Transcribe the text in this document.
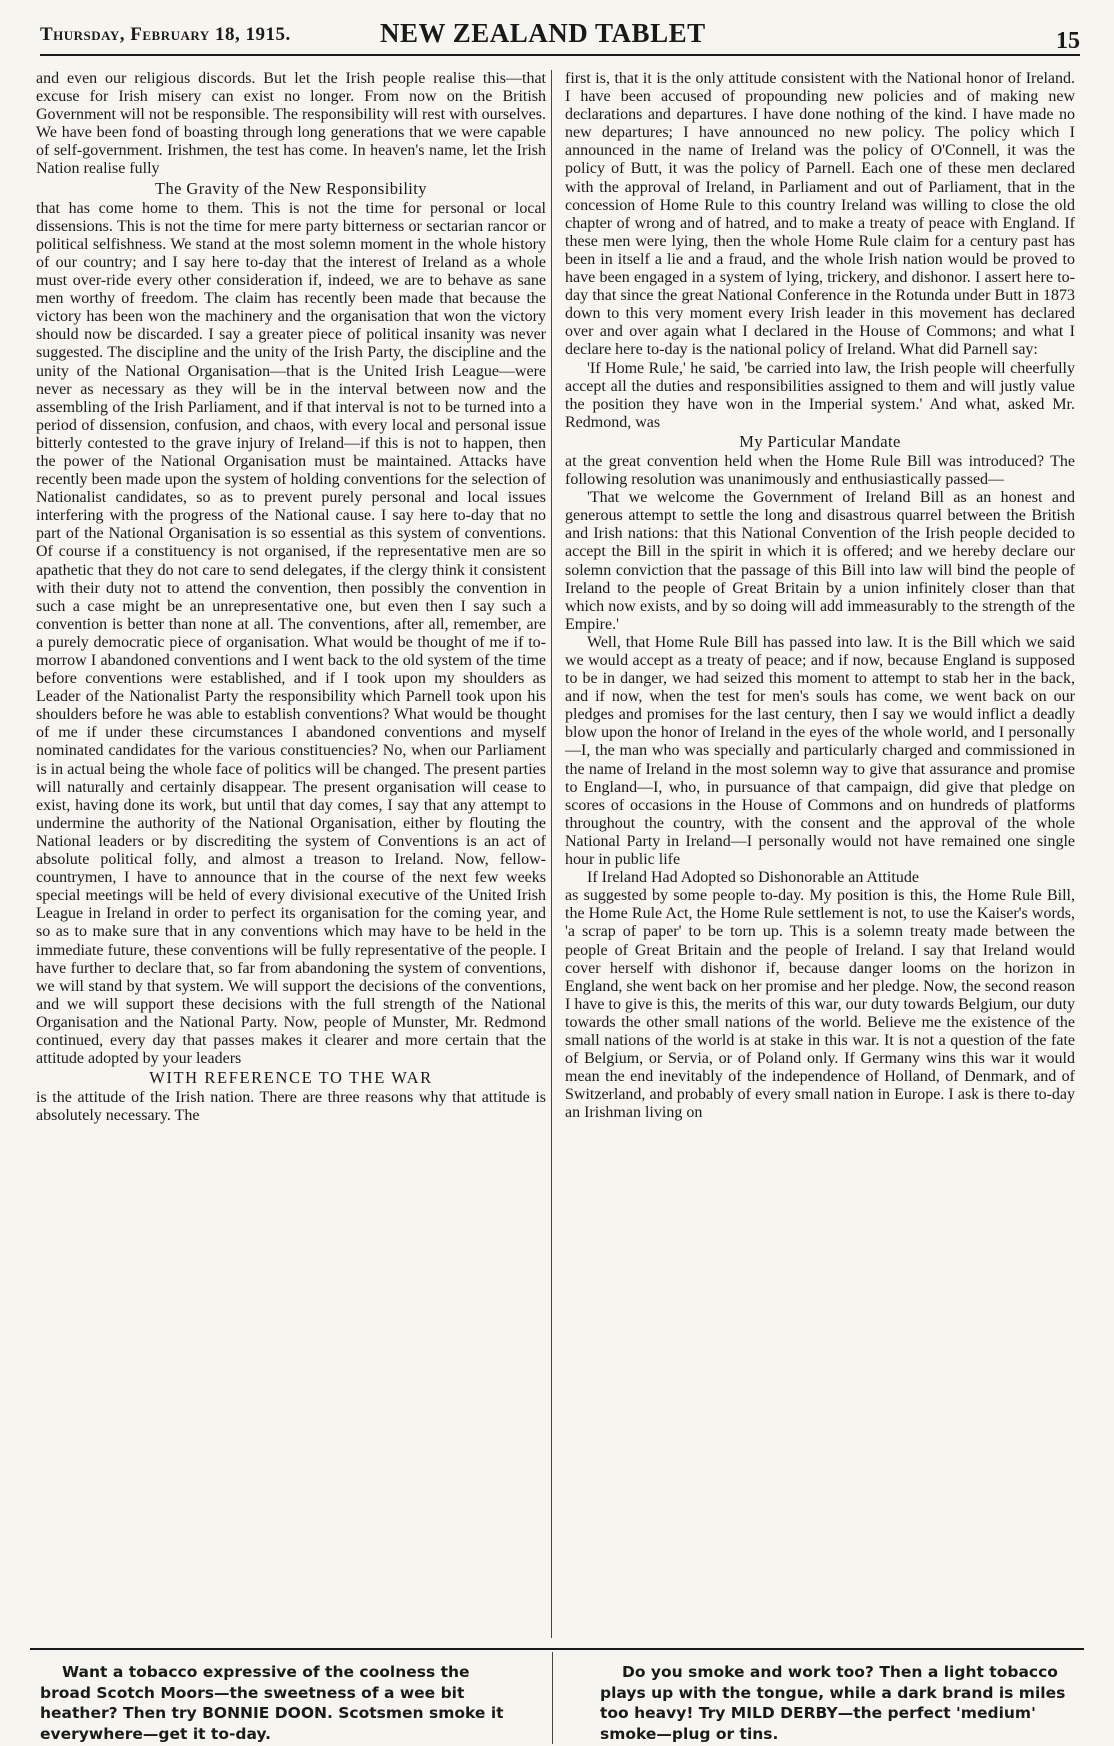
Thursday, February 18, 1915.	NEW ZEALAND TABLET	15

and even our religious discords. But let the Irish people realise this—that excuse for Irish misery can exist no longer. From now on the British Government will not be responsible. The responsibility will rest with ourselves. We have been fond of boasting through long generations that we were capable of self-government. Irishmen, the test has come. In heaven's name, let the Irish Nation realise fully

The Gravity of the New Responsibility

that has come home to them. This is not the time for personal or local dissensions. This is not the time for mere party bitterness or sectarian rancor or political selfishness. We stand at the most solemn moment in the whole history of our country; and I say here to-day that the interest of Ireland as a whole must over-ride every other consideration if, indeed, we are to behave as sane men worthy of freedom. The claim has recently been made that because the victory has been won the machinery and the organisation that won the victory should now be discarded. I say a greater piece of political insanity was never suggested. The discipline and the unity of the Irish Party, the discipline and the unity of the National Organisation—that is the United Irish League—were never as necessary as they will be in the interval between now and the assembling of the Irish Parliament, and if that interval is not to be turned into a period of dissension, confusion, and chaos, with every local and personal issue bitterly contested to the grave injury of Ireland—if this is not to happen, then the power of the National Organisation must be maintained. Attacks have recently been made upon the system of holding conventions for the selection of Nationalist candidates, so as to prevent purely personal and local issues interfering with the progress of the National cause. I say here to-day that no part of the National Organisation is so essential as this system of conventions. Of course if a constituency is not organised, if the representative men are so apathetic that they do not care to send delegates, if the clergy think it consistent with their duty not to attend the convention, then possibly the convention in such a case might be an unrepresentative one, but even then I say such a convention is better than none at all. The conventions, after all, remember, are a purely democratic piece of organisation. What would be thought of me if to-morrow I abandoned conventions and I went back to the old system of the time before conventions were established, and if I took upon my shoulders as Leader of the Nationalist Party the responsibility which Parnell took upon his shoulders before he was able to establish conventions? What would be thought of me if under these circumstances I abandoned conventions and myself nominated candidates for the various constituencies? No, when our Parliament is in actual being the whole face of politics will be changed. The present parties will naturally and certainly disappear. The present organisation will cease to exist, having done its work, but until that day comes, I say that any attempt to undermine the authority of the National Organisation, either by flouting the National leaders or by discrediting the system of Conventions is an act of absolute political folly, and almost a treason to Ireland. Now, fellow-countrymen, I have to announce that in the course of the next few weeks special meetings will be held of every divisional executive of the United Irish League in Ireland in order to perfect its organisation for the coming year, and so as to make sure that in any conventions which may have to be held in the immediate future, these conventions will be fully representative of the people. I have further to declare that, so far from abandoning the system of conventions, we will stand by that system. We will support the decisions of the conventions, and we will support these decisions with the full strength of the National Organisation and the National Party. Now, people of Munster, Mr. Redmond continued, every day that passes makes it clearer and more certain that the attitude adopted by your leaders

WITH REFERENCE TO THE WAR

is the attitude of the Irish nation. There are three reasons why that attitude is absolutely necessary. The

first is, that it is the only attitude consistent with the National honor of Ireland. I have been accused of propounding new policies and of making new declarations and departures. I have done nothing of the kind. I have made no new departures; I have announced no new policy. The policy which I announced in the name of Ireland was the policy of O'Connell, it was the policy of Butt, it was the policy of Parnell. Each one of these men declared with the approval of Ireland, in Parliament and out of Parliament, that in the concession of Home Rule to this country Ireland was willing to close the old chapter of wrong and of hatred, and to make a treaty of peace with England. If these men were lying, then the whole Home Rule claim for a century past has been in itself a lie and a fraud, and the whole Irish nation would be proved to have been engaged in a system of lying, trickery, and dishonor. I assert here to-day that since the great National Conference in the Rotunda under Butt in 1873 down to this very moment every Irish leader in this movement has declared over and over again what I declared in the House of Commons; and what I declare here to-day is the national policy of Ireland. What did Parnell say:

'If Home Rule,' he said, 'be carried into law, the Irish people will cheerfully accept all the duties and responsibilities assigned to them and will justly value the position they have won in the Imperial system.' And what, asked Mr. Redmond, was

My Particular Mandate

at the great convention held when the Home Rule Bill was introduced? The following resolution was unanimously and enthusiastically passed—

'That we welcome the Government of Ireland Bill as an honest and generous attempt to settle the long and disastrous quarrel between the British and Irish nations: that this National Convention of the Irish people decided to accept the Bill in the spirit in which it is offered; and we hereby declare our solemn conviction that the passage of this Bill into law will bind the people of Ireland to the people of Great Britain by a union infinitely closer than that which now exists, and by so doing will add immeasurably to the strength of the Empire.'

Well, that Home Rule Bill has passed into law. It is the Bill which we said we would accept as a treaty of peace; and if now, because England is supposed to be in danger, we had seized this moment to attempt to stab her in the back, and if now, when the test for men's souls has come, we went back on our pledges and promises for the last century, then I say we would inflict a deadly blow upon the honor of Ireland in the eyes of the whole world, and I personally—I, the man who was specially and particularly charged and commissioned in the name of Ireland in the most solemn way to give that assurance and promise to England—I, who, in pursuance of that campaign, did give that pledge on scores of occasions in the House of Commons and on hundreds of platforms throughout the country, with the consent and the approval of the whole National Party in Ireland—I personally would not have remained one single hour in public life

If Ireland Had Adopted so Dishonorable an Attitude

as suggested by some people to-day. My position is this, the Home Rule Bill, the Home Rule Act, the Home Rule settlement is not, to use the Kaiser's words, 'a scrap of paper' to be torn up. This is a solemn treaty made between the people of Great Britain and the people of Ireland. I say that Ireland would cover herself with dishonor if, because danger looms on the horizon in England, she went back on her promise and her pledge. Now, the second reason I have to give is this, the merits of this war, our duty towards Belgium, our duty towards the other small nations of the world. Believe me the existence of the small nations of the world is at stake in this war. It is not a question of the fate of Belgium, or Servia, or of Poland only. If Germany wins this war it would mean the end inevitably of the independence of Holland, of Denmark, and of Switzerland, and probably of every small nation in Europe. I ask is there to-day an Irishman living on

Want a tobacco expressive of the coolness the broad Scotch Moors—the sweetness of a wee bit heather? Then try BONNIE DOON. Scotsmen smoke it everywhere—get it to-day.
Do you smoke and work too? Then a light tobacco plays up with the tongue, while a dark brand is miles too heavy! Try MILD DERBY—the perfect 'medium' smoke—plug or tins.
